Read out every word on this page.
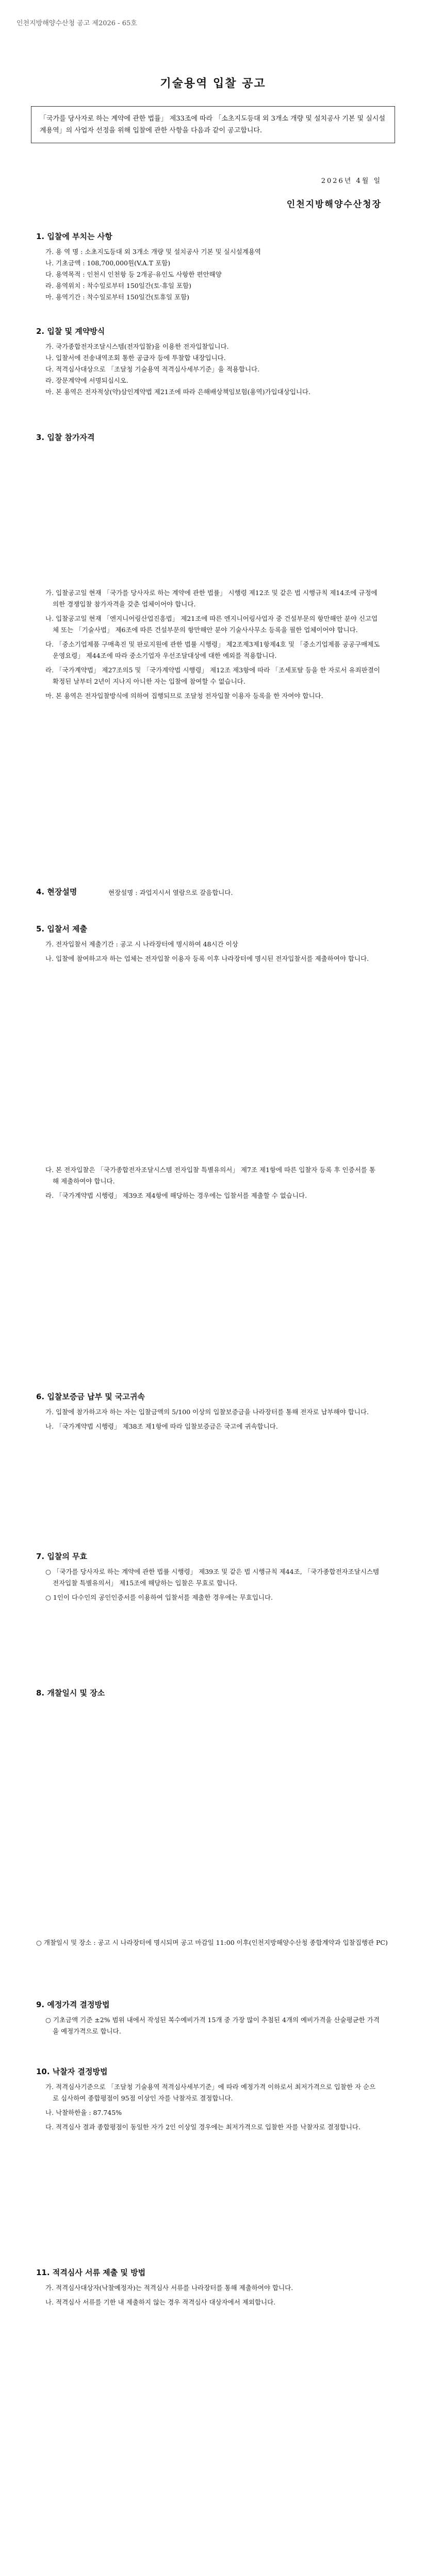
인천지방해양수산청 공고 제2026 - 65호
기술용역 입찰 공고
「국가를 당사자로 하는 계약에 관한 법률」 제33조에 따라 「소초지도등대 외 3개소 개량 및 설치공사 기본 및 실시설계용역」의 사업자 선정을 위해 입찰에 관한 사항을 다음과 같이 공고합니다.
2026년 4월 일
인천지방해양수산청장
1. 입찰에 부치는 사항
가. 용 역 명 : 소초지도등대 외 3개소 개량 및 설치공사 기본 및 실시설계용역
나. 기초금액 : 108,700,000원(V.A.T 포함)
다. 용역목적 : 인천시 인천항 등 2개공·유인도 사항한 편안해양
라. 용역위치 : 착수일로부터 150일간(토·휴일 포함)
마. 용역기간 : 착수일로부터 150일간(토휴일 포함)
2. 입찰 및 계약방식
가. 국가종합전자조달시스템(전자입찰)을 이용한 전자입찰입니다.
나. 입찰서에 전송내역조회 통한 공급자 등에 투찰합 내장입니다.
다. 적격심사대상으로 「조달청 기술용역 적격심사세부기준」을 적용합니다.
라. 장문계약에 서명되십시오.
마. 본 용역은 전자적상(약)삼인계약법 제21조에 따라 은해배상책임보험(용역)가입대상입니다.
3. 입찰 참가자격

가. 입찰공고일 현재 「국가를 당사자로 하는 계약에 관한 법률」 시행령 제12조 및 같은 법 시행규칙 제14조에 규정에 의한 경쟁입찰 참가자격을 갖춘 업체이어야 합니다.

나. 입찰공고일 현재 「엔지니어링산업진흥법」 제21조에 따른 엔지니어링사업자 중 건설부문의 항만해안 분야 신고업체 또는 「기술사법」 제6조에 따른 건설부문의 항만해안 분야 기술사사무소 등록을 필한 업체이어야 합니다.

다. 「중소기업제품 구매촉진 및 판로지원에 관한 법률 시행령」 제2조제3제1항제4호 및 「중소기업제품 공공구매제도 운영요령」 제44조에 따라 중소기업자 우선조달대상에 대한 예외를 적용합니다.

라. 「국가계약법」 제27조의5 및 「국가계약법 시행령」 제12조 제3항에 따라 「조세포탈 등을 한 자로서 유죄판결이 확정된 날부터 2년이 지나지 아니한 자는 입찰에 참여할 수 없습니다.

마. 본 용역은 전자입찰방식에 의하여 집행되므로 조달청 전자입찰 이용자 등록을 한 자여야 합니다.

4. 현장설명	현장설명 : 과업지시서 열람으로 갈음합니다.
5. 입찰서 제출

가. 전자입찰서 제출기간 : 공고 시 나라장터에 명시하여 48시간 이상

나. 입찰에 참여하고자 하는 업체는 전자입찰 이용자 등록 이후 나라장터에 명시된 전자입찰서를 제출하여야 합니다.

다. 본 전자입찰은 「국가종합전자조달시스템 전자입찰 특별유의서」 제7조 제1항에 따른 입찰자 등록 후 인증서를 통해 제출하여야 합니다.

라. 「국가계약법 시행령」 제39조 제4항에 해당하는 경우에는 입찰서를 제출할 수 없습니다.

6. 입찰보증금 납부 및 국고귀속

가. 입찰에 참가하고자 하는 자는 입찰금액의 5/100 이상의 입찰보증금을 나라장터를 통해 전자로 납부해야 합니다.

나. 「국가계약법 시행령」 제38조 제1항에 따라 입찰보증금은 국고에 귀속합니다.

7. 입찰의 무효

○ 「국가를 당사자로 하는 계약에 관한 법률 시행령」 제39조 및 같은 법 시행규칙 제44조, 「국가종합전자조달시스템 전자입찰 특별유의서」 제15조에 해당하는 입찰은 무효로 합니다.

○ 1인이 다수인의 공인인증서를 이용하여 입찰서를 제출한 경우에는 무효입니다.

8. 개찰일시 및 장소

○ 개찰일시 및 장소 : 공고 시 나라장터에 명시되며 공고 마감일 11:00 이후(인천지방해양수산청 종합계약과 입찰집행관 PC)

9. 예정가격 결정방법

○ 기초금액 기준 ±2% 범위 내에서 작성된 복수예비가격 15개 중 가장 많이 추첨된 4개의 예비가격을 산술평균한 가격을 예정가격으로 합니다.

10. 낙찰자 결정방법

가. 적격심사기준으로 「조달청 기술용역 적격심사세부기준」에 따라 예정가격 이하로서 최저가격으로 입찰한 자 순으로 심사하여 종합평점이 95점 이상인 자를 낙찰자로 결정합니다.

나. 낙찰하한율 : 87.745%

다. 적격심사 결과 종합평점이 동일한 자가 2인 이상일 경우에는 최저가격으로 입찰한 자를 낙찰자로 결정합니다.

11. 적격심사 서류 제출 및 방법

가. 적격심사대상자(낙찰예정자)는 적격심사 서류를 나라장터를 통해 제출하여야 합니다.

나. 적격심사 서류를 기한 내 제출하지 않는 경우 적격심사 대상자에서 제외합니다.
